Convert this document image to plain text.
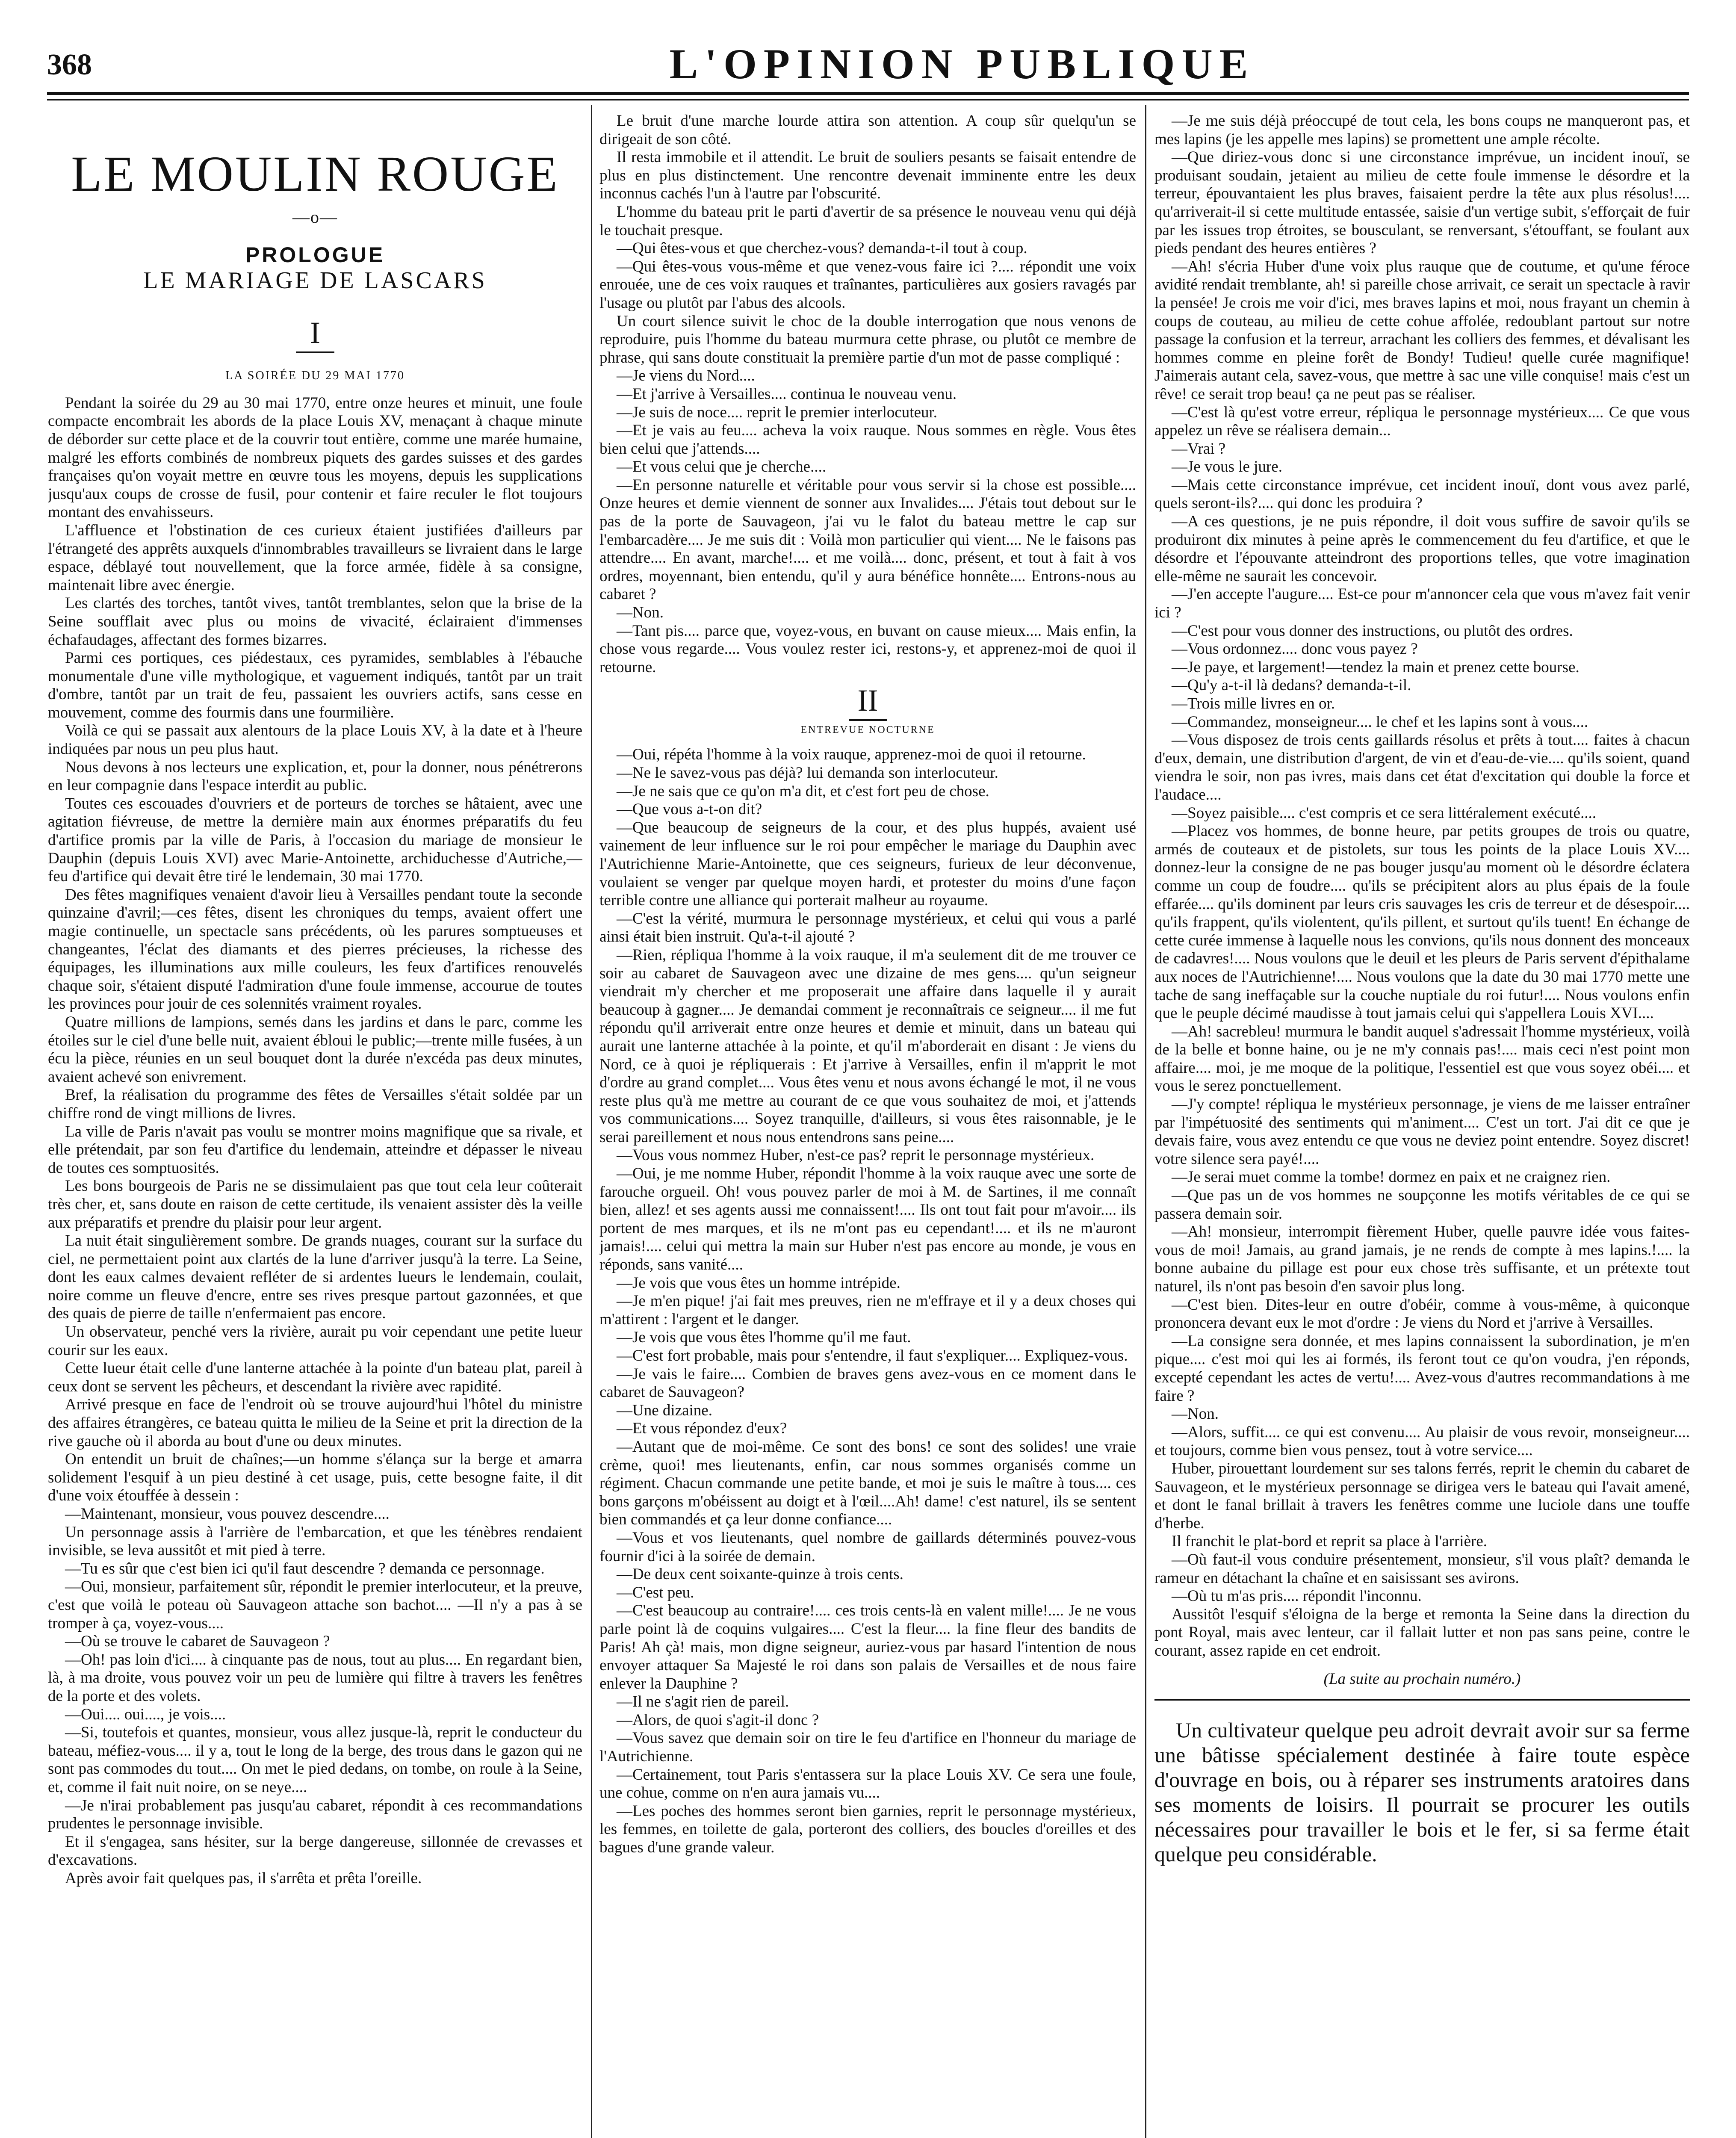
368	L'OPINION PUBLIQUE
LE MOULIN ROUGE
—o—
PROLOGUE
LE MARIAGE DE LASCARS
I
LA SOIRÉE DU 29 MAI 1770

Pendant la soirée du 29 au 30 mai 1770, entre onze heures et minuit, une foule compacte encombrait les abords de la place Louis XV, menaçant à chaque minute de déborder sur cette place et de la couvrir tout entière, comme une marée humaine, malgré les efforts combinés de nombreux piquets des gardes suisses et des gardes françaises qu'on voyait mettre en œuvre tous les moyens, depuis les supplications jusqu'aux coups de crosse de fusil, pour contenir et faire reculer le flot toujours montant des envahisseurs.

L'affluence et l'obstination de ces curieux étaient justifiées d'ailleurs par l'étrangeté des apprêts auxquels d'innombrables travailleurs se livraient dans le large espace, déblayé tout nouvellement, que la force armée, fidèle à sa consigne, maintenait libre avec énergie.

Les clartés des torches, tantôt vives, tantôt tremblantes, selon que la brise de la Seine soufflait avec plus ou moins de vivacité, éclairaient d'immenses échafaudages, affectant des formes bizarres.

Parmi ces portiques, ces piédestaux, ces pyramides, semblables à l'ébauche monumentale d'une ville mythologique, et vaguement indiqués, tantôt par un trait d'ombre, tantôt par un trait de feu, passaient les ouvriers actifs, sans cesse en mouvement, comme des fourmis dans une fourmilière.

Voilà ce qui se passait aux alentours de la place Louis XV, à la date et à l'heure indiquées par nous un peu plus haut.

Nous devons à nos lecteurs une explication, et, pour la donner, nous pénétrerons en leur compagnie dans l'espace interdit au public.

Toutes ces escouades d'ouvriers et de porteurs de torches se hâtaient, avec une agitation fiévreuse, de mettre la dernière main aux énormes préparatifs du feu d'artifice promis par la ville de Paris, à l'occasion du mariage de monsieur le Dauphin (depuis Louis XVI) avec Marie-Antoinette, archiduchesse d'Autriche,—feu d'artifice qui devait être tiré le lendemain, 30 mai 1770.

Des fêtes magnifiques venaient d'avoir lieu à Versailles pendant toute la seconde quinzaine d'avril;—ces fêtes, disent les chroniques du temps, avaient offert une magie continuelle, un spectacle sans précédents, où les parures somptueuses et changeantes, l'éclat des diamants et des pierres précieuses, la richesse des équipages, les illuminations aux mille couleurs, les feux d'artifices renouvelés chaque soir, s'étaient disputé l'admiration d'une foule immense, accourue de toutes les provinces pour jouir de ces solennités vraiment royales.

Quatre millions de lampions, semés dans les jardins et dans le parc, comme les étoiles sur le ciel d'une belle nuit, avaient ébloui le public;—trente mille fusées, à un écu la pièce, réunies en un seul bouquet dont la durée n'excéda pas deux minutes, avaient achevé son enivrement.

Bref, la réalisation du programme des fêtes de Versailles s'était soldée par un chiffre rond de vingt millions de livres.

La ville de Paris n'avait pas voulu se montrer moins magnifique que sa rivale, et elle prétendait, par son feu d'artifice du lendemain, atteindre et dépasser le niveau de toutes ces somptuosités.

Les bons bourgeois de Paris ne se dissimulaient pas que tout cela leur coûterait très cher, et, sans doute en raison de cette certitude, ils venaient assister dès la veille aux préparatifs et prendre du plaisir pour leur argent.

La nuit était singulièrement sombre. De grands nuages, courant sur la surface du ciel, ne permettaient point aux clartés de la lune d'arriver jusqu'à la terre. La Seine, dont les eaux calmes devaient refléter de si ardentes lueurs le lendemain, coulait, noire comme un fleuve d'encre, entre ses rives presque partout gazonnées, et que des quais de pierre de taille n'enfermaient pas encore.

Un observateur, penché vers la rivière, aurait pu voir cependant une petite lueur courir sur les eaux.

Cette lueur était celle d'une lanterne attachée à la pointe d'un bateau plat, pareil à ceux dont se servent les pêcheurs, et descendant la rivière avec rapidité.

Arrivé presque en face de l'endroit où se trouve aujourd'hui l'hôtel du ministre des affaires étrangères, ce bateau quitta le milieu de la Seine et prit la direction de la rive gauche où il aborda au bout d'une ou deux minutes.

On entendit un bruit de chaînes;—un homme s'élança sur la berge et amarra solidement l'esquif à un pieu destiné à cet usage, puis, cette besogne faite, il dit d'une voix étouffée à dessein :

—Maintenant, monsieur, vous pouvez descendre....

Un personnage assis à l'arrière de l'embarcation, et que les ténèbres rendaient invisible, se leva aussitôt et mit pied à terre.

—Tu es sûr que c'est bien ici qu'il faut descendre ? demanda ce personnage.

—Oui, monsieur, parfaitement sûr, répondit le premier interlocuteur, et la preuve, c'est que voilà le poteau où Sauvageon attache son bachot.... —Il n'y a pas à se tromper à ça, voyez-vous....

—Où se trouve le cabaret de Sauvageon ?

—Oh! pas loin d'ici.... à cinquante pas de nous, tout au plus.... En regardant bien, là, à ma droite, vous pouvez voir un peu de lumière qui filtre à travers les fenêtres de la porte et des volets.

—Oui.... oui...., je vois....

—Si, toutefois et quantes, monsieur, vous allez jusque-là, reprit le conducteur du bateau, méfiez-vous.... il y a, tout le long de la berge, des trous dans le gazon qui ne sont pas commodes du tout.... On met le pied dedans, on tombe, on roule à la Seine, et, comme il fait nuit noire, on se neye....

—Je n'irai probablement pas jusqu'au cabaret, répondit à ces recommandations prudentes le personnage invisible.

Et il s'engagea, sans hésiter, sur la berge dangereuse, sillonnée de crevasses et d'excavations.

Après avoir fait quelques pas, il s'arrêta et prêta l'oreille.

Le bruit d'une marche lourde attira son attention. A coup sûr quelqu'un se dirigeait de son côté.

Il resta immobile et il attendit. Le bruit de souliers pesants se faisait entendre de plus en plus distinctement. Une rencontre devenait imminente entre les deux inconnus cachés l'un à l'autre par l'obscurité.

L'homme du bateau prit le parti d'avertir de sa présence le nouveau venu qui déjà le touchait presque.

—Qui êtes-vous et que cherchez-vous? demanda-t-il tout à coup.

—Qui êtes-vous vous-même et que venez-vous faire ici ?.... répondit une voix enrouée, une de ces voix rauques et traînantes, particulières aux gosiers ravagés par l'usage ou plutôt par l'abus des alcools.

Un court silence suivit le choc de la double interrogation que nous venons de reproduire, puis l'homme du bateau murmura cette phrase, ou plutôt ce membre de phrase, qui sans doute constituait la première partie d'un mot de passe compliqué :

—Je viens du Nord....

—Et j'arrive à Versailles.... continua le nouveau venu.

—Je suis de noce.... reprit le premier interlocuteur.

—Et je vais au feu.... acheva la voix rauque. Nous sommes en règle. Vous êtes bien celui que j'attends....

—Et vous celui que je cherche....

—En personne naturelle et véritable pour vous servir si la chose est possible.... Onze heures et demie viennent de sonner aux Invalides.... J'étais tout debout sur le pas de la porte de Sauvageon, j'ai vu le falot du bateau mettre le cap sur l'embarcadère.... Je me suis dit : Voilà mon particulier qui vient.... Ne le faisons pas attendre.... En avant, marche!.... et me voilà.... donc, présent, et tout à fait à vos ordres, moyennant, bien entendu, qu'il y aura bénéfice honnête.... Entrons-nous au cabaret ?

—Non.

—Tant pis.... parce que, voyez-vous, en buvant on cause mieux.... Mais enfin, la chose vous regarde.... Vous voulez rester ici, restons-y, et apprenez-moi de quoi il retourne.

II
ENTREVUE NOCTURNE

—Oui, répéta l'homme à la voix rauque, apprenez-moi de quoi il retourne.

—Ne le savez-vous pas déjà? lui demanda son interlocuteur.

—Je ne sais que ce qu'on m'a dit, et c'est fort peu de chose.

—Que vous a-t-on dit?

—Que beaucoup de seigneurs de la cour, et des plus huppés, avaient usé vainement de leur influence sur le roi pour empêcher le mariage du Dauphin avec l'Autrichienne Marie-Antoinette, que ces seigneurs, furieux de leur déconvenue, voulaient se venger par quelque moyen hardi, et protester du moins d'une façon terrible contre une alliance qui porterait malheur au royaume.

—C'est la vérité, murmura le personnage mystérieux, et celui qui vous a parlé ainsi était bien instruit. Qu'a-t-il ajouté ?

—Rien, répliqua l'homme à la voix rauque, il m'a seulement dit de me trouver ce soir au cabaret de Sauvageon avec une dizaine de mes gens.... qu'un seigneur viendrait m'y chercher et me proposerait une affaire dans laquelle il y aurait beaucoup à gagner.... Je demandai comment je reconnaîtrais ce seigneur.... il me fut répondu qu'il arriverait entre onze heures et demie et minuit, dans un bateau qui aurait une lanterne attachée à la pointe, et qu'il m'aborderait en disant : Je viens du Nord, ce à quoi je répliquerais : Et j'arrive à Versailles, enfin il m'apprit le mot d'ordre au grand complet.... Vous êtes venu et nous avons échangé le mot, il ne vous reste plus qu'à me mettre au courant de ce que vous souhaitez de moi, et j'attends vos communications.... Soyez tranquille, d'ailleurs, si vous êtes raisonnable, je le serai pareillement et nous nous entendrons sans peine....

—Vous vous nommez Huber, n'est-ce pas? reprit le personnage mystérieux.

—Oui, je me nomme Huber, répondit l'homme à la voix rauque avec une sorte de farouche orgueil. Oh! vous pouvez parler de moi à M. de Sartines, il me connaît bien, allez! et ses agents aussi me connaissent!.... Ils ont tout fait pour m'avoir.... ils portent de mes marques, et ils ne m'ont pas eu cependant!.... et ils ne m'auront jamais!.... celui qui mettra la main sur Huber n'est pas encore au monde, je vous en réponds, sans vanité....

—Je vois que vous êtes un homme intrépide.

—Je m'en pique! j'ai fait mes preuves, rien ne m'effraye et il y a deux choses qui m'attirent : l'argent et le danger.

—Je vois que vous êtes l'homme qu'il me faut.

—C'est fort probable, mais pour s'entendre, il faut s'expliquer.... Expliquez-vous.

—Je vais le faire.... Combien de braves gens avez-vous en ce moment dans le cabaret de Sauvageon?

—Une dizaine.

—Et vous répondez d'eux?

—Autant que de moi-même. Ce sont des bons! ce sont des solides! une vraie crème, quoi! mes lieutenants, enfin, car nous sommes organisés comme un régiment. Chacun commande une petite bande, et moi je suis le maître à tous.... ces bons garçons m'obéissent au doigt et à l'œil....Ah! dame! c'est naturel, ils se sentent bien commandés et ça leur donne confiance....

—Vous et vos lieutenants, quel nombre de gaillards déterminés pouvez-vous fournir d'ici à la soirée de demain.

—De deux cent soixante-quinze à trois cents.

—C'est peu.

—C'est beaucoup au contraire!.... ces trois cents-là en valent mille!.... Je ne vous parle point là de coquins vulgaires.... C'est la fleur.... la fine fleur des bandits de Paris! Ah çà! mais, mon digne seigneur, auriez-vous par hasard l'intention de nous envoyer attaquer Sa Majesté le roi dans son palais de Versailles et de nous faire enlever la Dauphine ?

—Il ne s'agit rien de pareil.

—Alors, de quoi s'agit-il donc ?

—Vous savez que demain soir on tire le feu d'artifice en l'honneur du mariage de l'Autrichienne.

—Certainement, tout Paris s'entassera sur la place Louis XV. Ce sera une foule, une cohue, comme on n'en aura jamais vu....

—Les poches des hommes seront bien garnies, reprit le personnage mystérieux, les femmes, en toilette de gala, porteront des colliers, des boucles d'oreilles et des bagues d'une grande valeur.

—Je me suis déjà préoccupé de tout cela, les bons coups ne manqueront pas, et mes lapins (je les appelle mes lapins) se promettent une ample récolte.

—Que diriez-vous donc si une circonstance imprévue, un incident inouï, se produisant soudain, jetaient au milieu de cette foule immense le désordre et la terreur, épouvantaient les plus braves, faisaient perdre la tête aux plus résolus!.... qu'arriverait-il si cette multitude entassée, saisie d'un vertige subit, s'efforçait de fuir par les issues trop étroites, se bousculant, se renversant, s'étouffant, se foulant aux pieds pendant des heures entières ?

—Ah! s'écria Huber d'une voix plus rauque que de coutume, et qu'une féroce avidité rendait tremblante, ah! si pareille chose arrivait, ce serait un spectacle à ravir la pensée! Je crois me voir d'ici, mes braves lapins et moi, nous frayant un chemin à coups de couteau, au milieu de cette cohue affolée, redoublant partout sur notre passage la confusion et la terreur, arrachant les colliers des femmes, et dévalisant les hommes comme en pleine forêt de Bondy! Tudieu! quelle curée magnifique! J'aimerais autant cela, savez-vous, que mettre à sac une ville conquise! mais c'est un rêve! ce serait trop beau! ça ne peut pas se réaliser.

—C'est là qu'est votre erreur, répliqua le personnage mystérieux.... Ce que vous appelez un rêve se réalisera demain...

—Vrai ?

—Je vous le jure.

—Mais cette circonstance imprévue, cet incident inouï, dont vous avez parlé, quels seront-ils?.... qui donc les produira ?

—A ces questions, je ne puis répondre, il doit vous suffire de savoir qu'ils se produiront dix minutes à peine après le commencement du feu d'artifice, et que le désordre et l'épouvante atteindront des proportions telles, que votre imagination elle-même ne saurait les concevoir.

—J'en accepte l'augure.... Est-ce pour m'annoncer cela que vous m'avez fait venir ici ?

—C'est pour vous donner des instructions, ou plutôt des ordres.

—Vous ordonnez.... donc vous payez ?

—Je paye, et largement!—tendez la main et prenez cette bourse.

—Qu'y a-t-il là dedans? demanda-t-il.

—Trois mille livres en or.

—Commandez, monseigneur.... le chef et les lapins sont à vous....

—Vous disposez de trois cents gaillards résolus et prêts à tout.... faites à chacun d'eux, demain, une distribution d'argent, de vin et d'eau-de-vie.... qu'ils soient, quand viendra le soir, non pas ivres, mais dans cet état d'excitation qui double la force et l'audace....

—Soyez paisible.... c'est compris et ce sera littéralement exécuté....

—Placez vos hommes, de bonne heure, par petits groupes de trois ou quatre, armés de couteaux et de pistolets, sur tous les points de la place Louis XV.... donnez-leur la consigne de ne pas bouger jusqu'au moment où le désordre éclatera comme un coup de foudre.... qu'ils se précipitent alors au plus épais de la foule effarée.... qu'ils dominent par leurs cris sauvages les cris de terreur et de désespoir.... qu'ils frappent, qu'ils violentent, qu'ils pillent, et surtout qu'ils tuent! En échange de cette curée immense à laquelle nous les convions, qu'ils nous donnent des monceaux de cadavres!.... Nous voulons que le deuil et les pleurs de Paris servent d'épithalame aux noces de l'Autrichienne!.... Nous voulons que la date du 30 mai 1770 mette une tache de sang ineffaçable sur la couche nuptiale du roi futur!.... Nous voulons enfin que le peuple décimé maudisse à tout jamais celui qui s'appellera Louis XVI....

—Ah! sacrebleu! murmura le bandit auquel s'adressait l'homme mystérieux, voilà de la belle et bonne haine, ou je ne m'y connais pas!.... mais ceci n'est point mon affaire.... moi, je me moque de la politique, l'essentiel est que vous soyez obéi.... et vous le serez ponctuellement.

—J'y compte! répliqua le mystérieux personnage, je viens de me laisser entraîner par l'impétuosité des sentiments qui m'animent.... C'est un tort. J'ai dit ce que je devais faire, vous avez entendu ce que vous ne deviez point entendre. Soyez discret! votre silence sera payé!....

—Je serai muet comme la tombe! dormez en paix et ne craignez rien.

—Que pas un de vos hommes ne soupçonne les motifs véritables de ce qui se passera demain soir.

—Ah! monsieur, interrompit fièrement Huber, quelle pauvre idée vous faites-vous de moi! Jamais, au grand jamais, je ne rends de compte à mes lapins.!.... la bonne aubaine du pillage est pour eux chose très suffisante, et un prétexte tout naturel, ils n'ont pas besoin d'en savoir plus long.

—C'est bien. Dites-leur en outre d'obéir, comme à vous-même, à quiconque prononcera devant eux le mot d'ordre : Je viens du Nord et j'arrive à Versailles.

—La consigne sera donnée, et mes lapins connaissent la subordination, je m'en pique.... c'est moi qui les ai formés, ils feront tout ce qu'on voudra, j'en réponds, excepté cependant les actes de vertu!.... Avez-vous d'autres recommandations à me faire ?

—Non.

—Alors, suffit.... ce qui est convenu.... Au plaisir de vous revoir, monseigneur.... et toujours, comme bien vous pensez, tout à votre service....

Huber, pirouettant lourdement sur ses talons ferrés, reprit le chemin du cabaret de Sauvageon, et le mystérieux personnage se dirigea vers le bateau qui l'avait amené, et dont le fanal brillait à travers les fenêtres comme une luciole dans une touffe d'herbe.

Il franchit le plat-bord et reprit sa place à l'arrière.

—Où faut-il vous conduire présentement, monsieur, s'il vous plaît? demanda le rameur en détachant la chaîne et en saisissant ses avirons.

—Où tu m'as pris.... répondit l'inconnu.

Aussitôt l'esquif s'éloigna de la berge et remonta la Seine dans la direction du pont Royal, mais avec lenteur, car il fallait lutter et non pas sans peine, contre le courant, assez rapide en cet endroit.

(La suite au prochain numéro.)

Un cultivateur quelque peu adroit devrait avoir sur sa ferme une bâtisse spécialement destinée à faire toute espèce d'ouvrage en bois, ou à réparer ses instruments aratoires dans ses moments de loisirs. Il pourrait se procurer les outils nécessaires pour travailler le bois et le fer, si sa ferme était quelque peu considérable.
